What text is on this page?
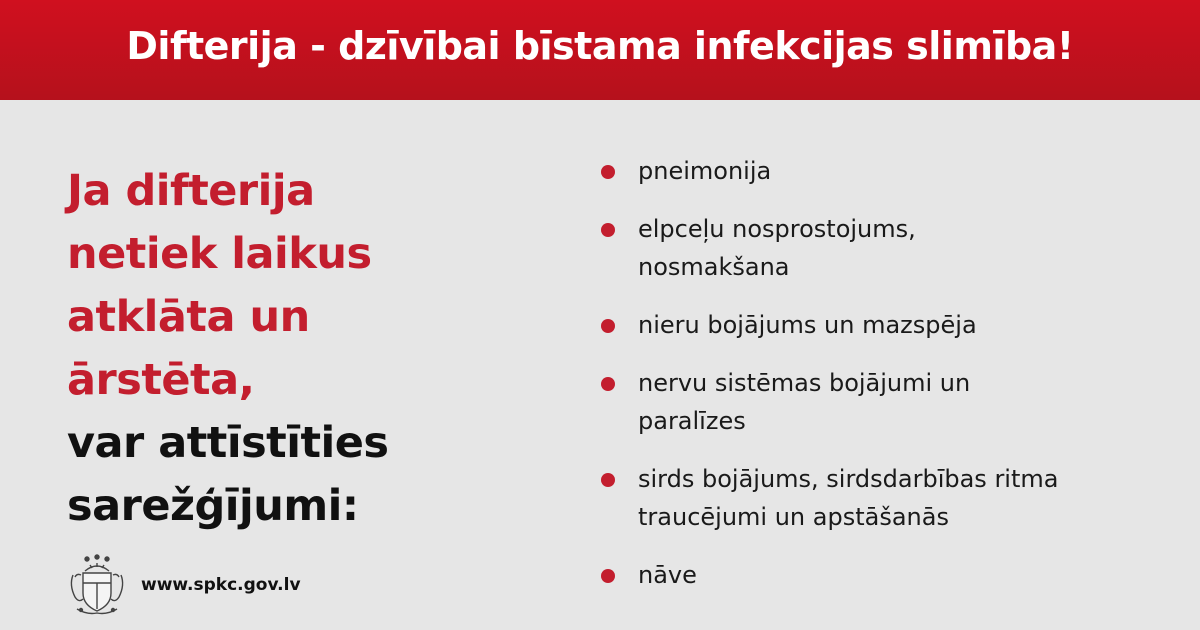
Difterija - dzīvībai bīstama infekcijas slimība!
Ja difterija
netiek laikus
atklāta un
ārstēta,
var attīstīties
sarežģījumi:
pneimonija
elpceļu nosprostojums, nosmakšana
nieru bojājums un mazspēja
nervu sistēmas bojājumi un paralīzes
sirds bojājums, sirdsdarbības ritma traucējumi un apstāšanās
nāve
www.spkc.gov.lv
